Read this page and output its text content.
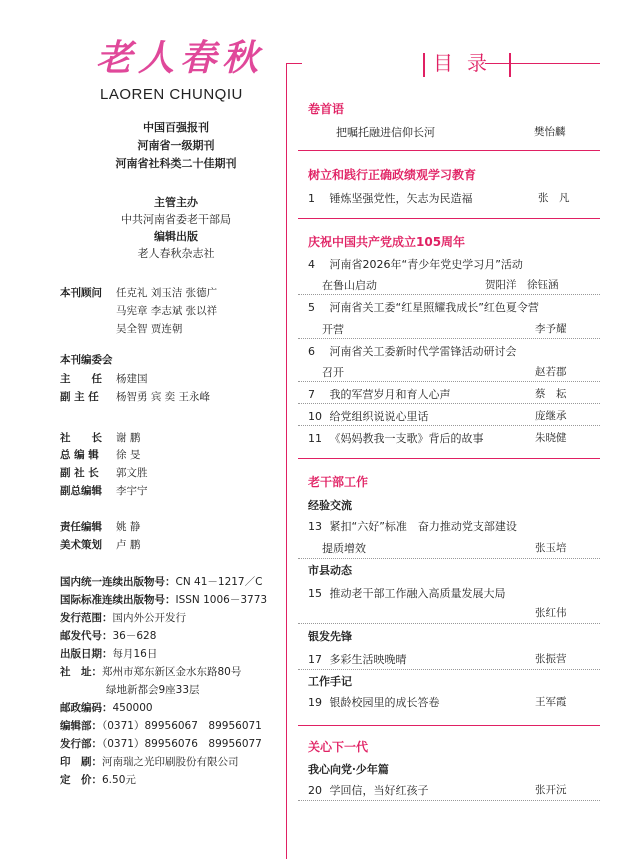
老人春秋
LAOREN CHUNQIU
目录
中国百强报刊
河南省一级期刊
河南省社科类二十佳期刊
主管主办
中共河南省委老干部局
编辑出版
老人春秋杂志社
本刊顾问 任克礼 刘玉洁 张德广
马宪章 李志斌 张以祥
吴全智 贾连朝
本刊编委会
主　　任 杨建国
副 主 任 杨智勇 宾 奕 王永峰
社　　长 谢 鹏
总 编 辑 徐 旻
副 社 长 郭文胜
副总编辑 李宇宁
责任编辑 姚 静
美术策划 卢 鹏
国内统一连续出版物号：CN 41－1217／C
国际标准连续出版物号：ISSN 1006－3773
发行范围：国内外公开发行
邮发代号：36－628
出版日期：每月16日
社　址：郑州市郑东新区金水东路80号
绿地新都会9座33层
邮政编码：450000
编辑部：（0371）89956067　89956071
发行部：（0371）89956076　89956077
印　刷：河南瑞之光印刷股份有限公司
定　价：6.50元
卷首语
把嘱托融进信仰长河	樊怡麟
树立和践行正确政绩观学习教育
1 锤炼坚强党性，矢志为民造福	张　凡
庆祝中国共产党成立105周年
4 河南省2026年“青少年党史学习月”活动
在鲁山启动	贺阳洋　徐钰涵
5 河南省关工委“红星照耀我成长”红色夏令营
开营	李予耀
6 河南省关工委新时代学雷锋活动研讨会
召开	赵若郡
7 我的军营岁月和育人心声	蔡　耘
10 给党组织说说心里话	庞继承
11 《妈妈教我一支歌》背后的故事	朱晓健
老干部工作
经验交流
13 紧扣“六好”标准　奋力推动党支部建设
提质增效	张玉培
市县动态
15 推动老干部工作融入高质量发展大局
张红伟
银发先锋
17 多彩生活映晚晴	张振营
工作手记
19 银龄校园里的成长答卷	王军霞
关心下一代
我心向党·少年篇
20 学回信，当好红孩子	张开沅
